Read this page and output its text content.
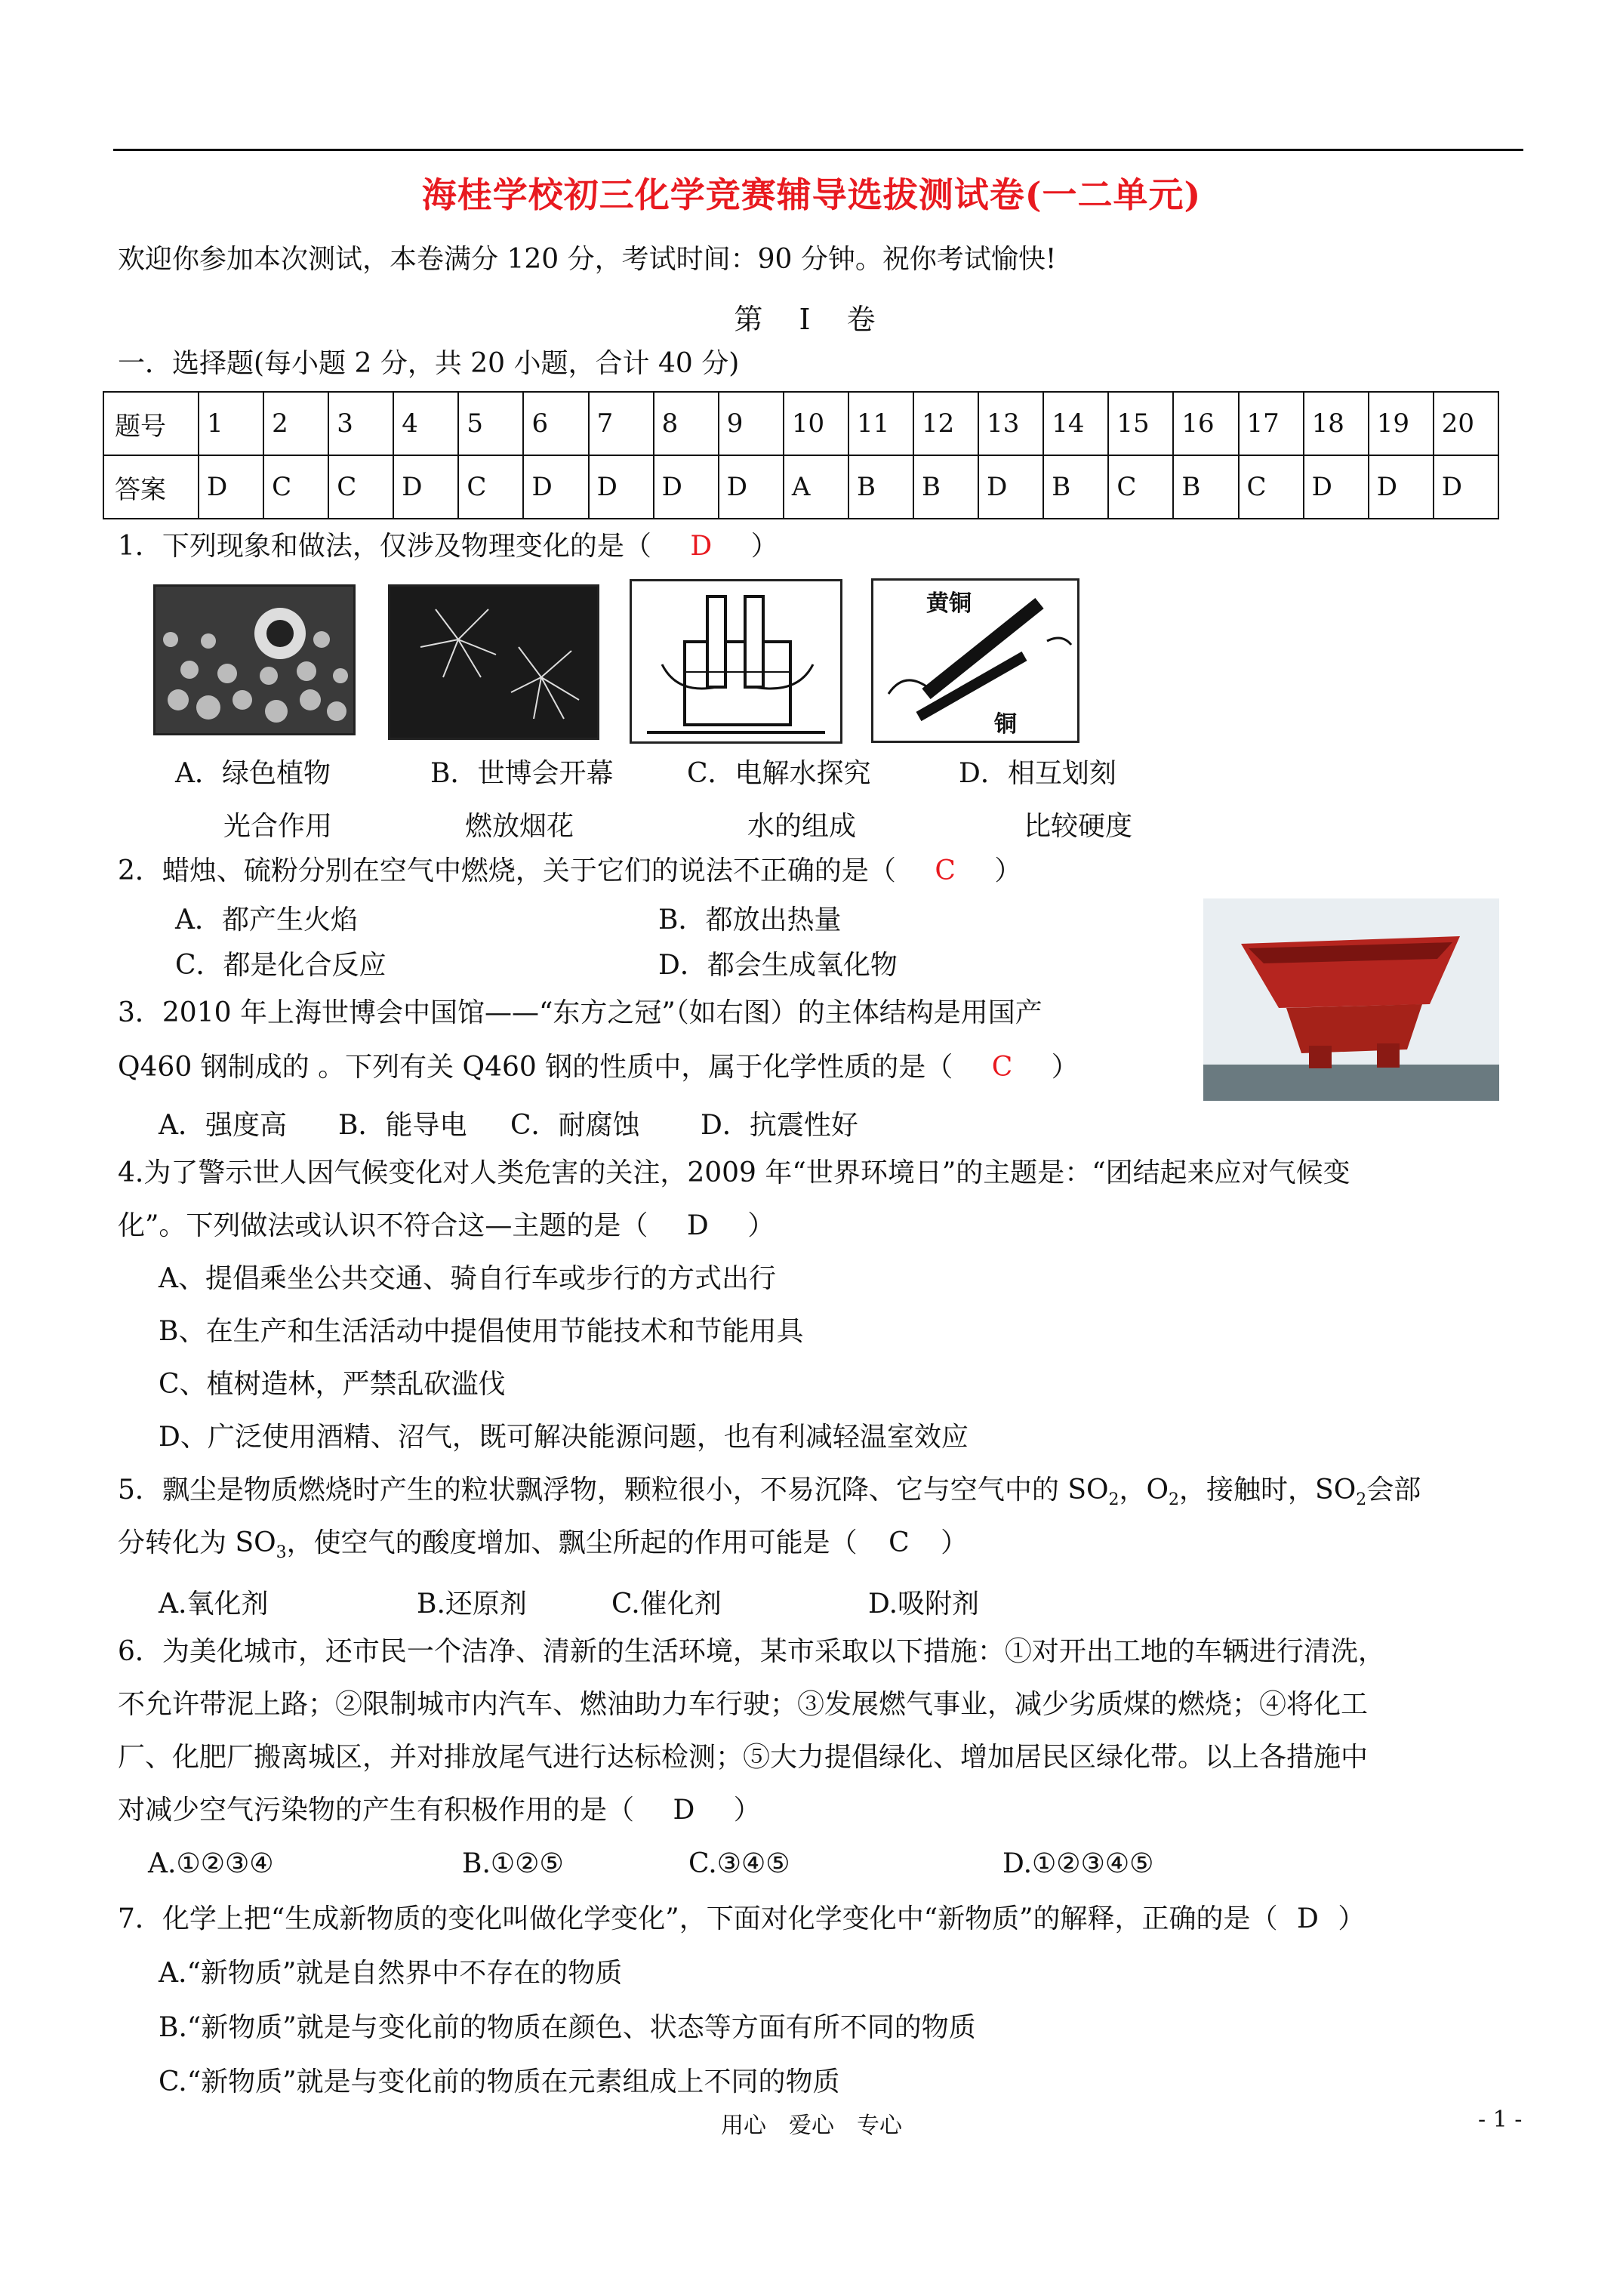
海桂学校初三化学竞赛辅导选拔测试卷(一二单元)
欢迎你参加本次测试，本卷满分 120 分，考试时间：90 分钟。祝你考试愉快!
第 I 卷
一．选择题(每小题 2 分，共 20 小题，合计 40 分)
题号	1	2	3	4	5	6	7	8	9	10	11	12	13	14	15	16	17	18	19	20
答案	D	C	C	D	C	D	D	D	D	A	B	B	D	B	C	B	C	D	D	D
1．下列现象和做法，仅涉及物理变化的是（ D ）
黄铜
铜
A．绿色植物
光合作用
B．世博会开幕
燃放烟花
C．电解水探究
水的组成
D．相互划刻
比较硬度
2．蜡烛、硫粉分别在空气中燃烧，关于它们的说法不正确的是（ C ）
A．都产生火焰	B．都放出热量
C．都是化合反应	D．都会生成氧化物
3．2010 年上海世博会中国馆——“东方之冠”（如右图）的主体结构是用国产
Q460 钢制成的 。下列有关 Q460 钢的性质中，属于化学性质的是（ C ）
A．强度高 B．能导电 C．耐腐蚀 D．抗震性好
4.为了警示世人因气候变化对人类危害的关注，2009 年“世界环境日”的主题是：“团结起来应对气候变
化”。下列做法或认识不符合这—主题的是（ D ）
A、提倡乘坐公共交通、骑自行车或步行的方式出行
B、在生产和生活活动中提倡使用节能技术和节能用具
C、植树造林，严禁乱砍滥伐
D、广泛使用酒精、沼气，既可解决能源问题，也有利减轻温室效应
5．飘尘是物质燃烧时产生的粒状飘浮物，颗粒很小，不易沉降、它与空气中的 $SO_2$，$O_2$，接触时，$SO_2$会部
分转化为 $SO_3$，使空气的酸度增加、飘尘所起的作用可能是（ C ）
A.氧化剂	B.还原剂	C.催化剂	D.吸附剂
6．为美化城市，还市民一个洁净、清新的生活环境，某市采取以下措施：①对开出工地的车辆进行清洗，
不允许带泥上路；②限制城市内汽车、燃油助力车行驶；③发展燃气事业，减少劣质煤的燃烧；④将化工
厂、化肥厂搬离城区，并对排放尾气进行达标检测；⑤大力提倡绿化、增加居民区绿化带。以上各措施中
对减少空气污染物的产生有积极作用的是（ D ）
A.①②③④	B.①②⑤	C.③④⑤	D.①②③④⑤
7．化学上把“生成新物质的变化叫做化学变化”，下面对化学变化中“新物质”的解释，正确的是（ D ）
A.“新物质”就是自然界中不存在的物质
B.“新物质”就是与变化前的物质在颜色、状态等方面有所不同的物质
C.“新物质”就是与变化前的物质在元素组成上不同的物质
用心　爱心　专心	- 1 -
